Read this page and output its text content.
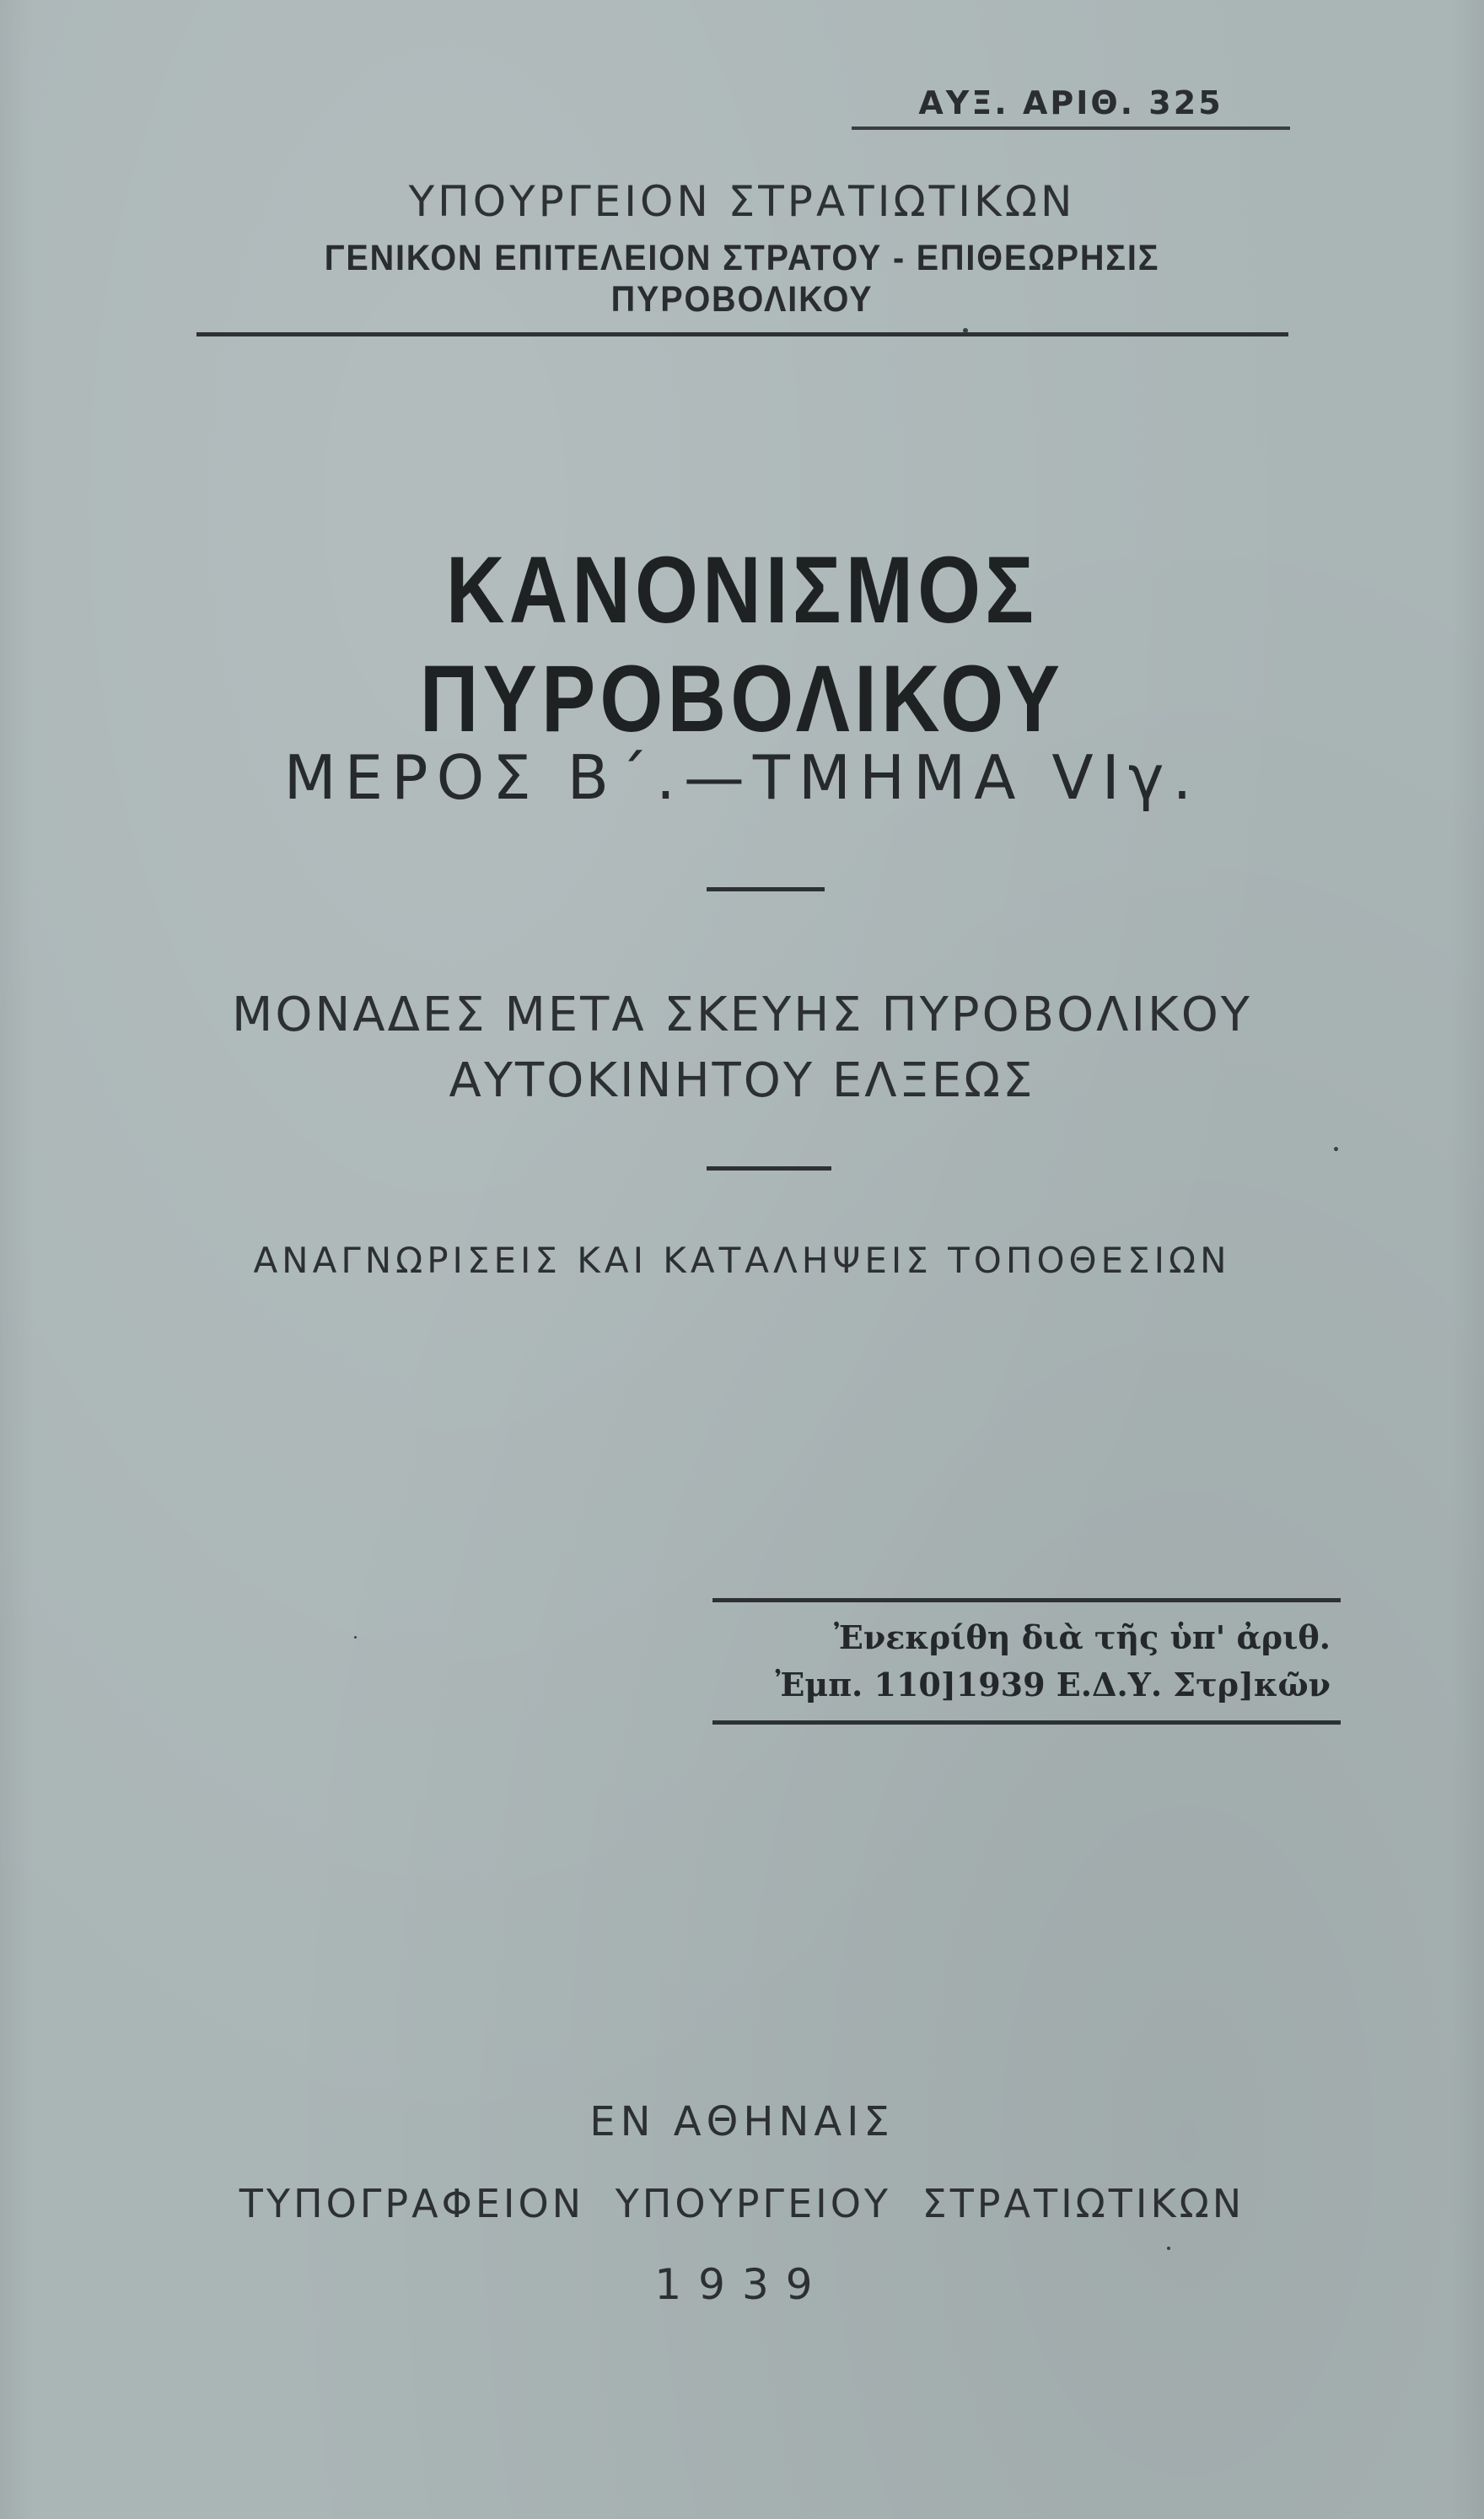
ΑΥΞ. ΑΡΙΘ. 325
ΥΠΟΥΡΓΕΙΟΝ ΣΤΡΑΤΙΩΤΙΚΩΝ
ΓΕΝΙΚΟΝ ΕΠΙΤΕΛΕΙΟΝ ΣΤΡΑΤΟΥ - ΕΠΙΘΕΩΡΗΣΙΣ ΠΥΡΟΒΟΛΙΚΟΥ
ΚΑΝΟΝΙΣΜΟΣ ΠΥΡΟΒΟΛΙΚΟΥ
ΜΕΡΟΣ Β΄.—ΤΜΗΜΑ VIγ.
ΜΟΝΑΔΕΣ ΜΕΤΑ ΣΚΕΥΗΣ ΠΥΡΟΒΟΛΙΚΟΥ
ΑΥΤΟΚΙΝΗΤΟΥ ΕΛΞΕΩΣ
ΑΝΑΓΝΩΡΙΣΕΙΣ ΚΑΙ ΚΑΤΑΛΗΨΕΙΣ ΤΟΠΟΘΕΣΙΩΝ
Ἐνεκρίθη διὰ τῆς ὑπ' ἀριθ.
Ἐμπ. 110]1939 Ε.Δ.Υ. Στρ]κῶν
ΕΝ ΑΘΗΝΑΙΣ
ΤΥΠΟΓΡΑΦΕΙΟΝ ΥΠΟΥΡΓΕΙΟΥ ΣΤΡΑΤΙΩΤΙΚΩΝ
1939
